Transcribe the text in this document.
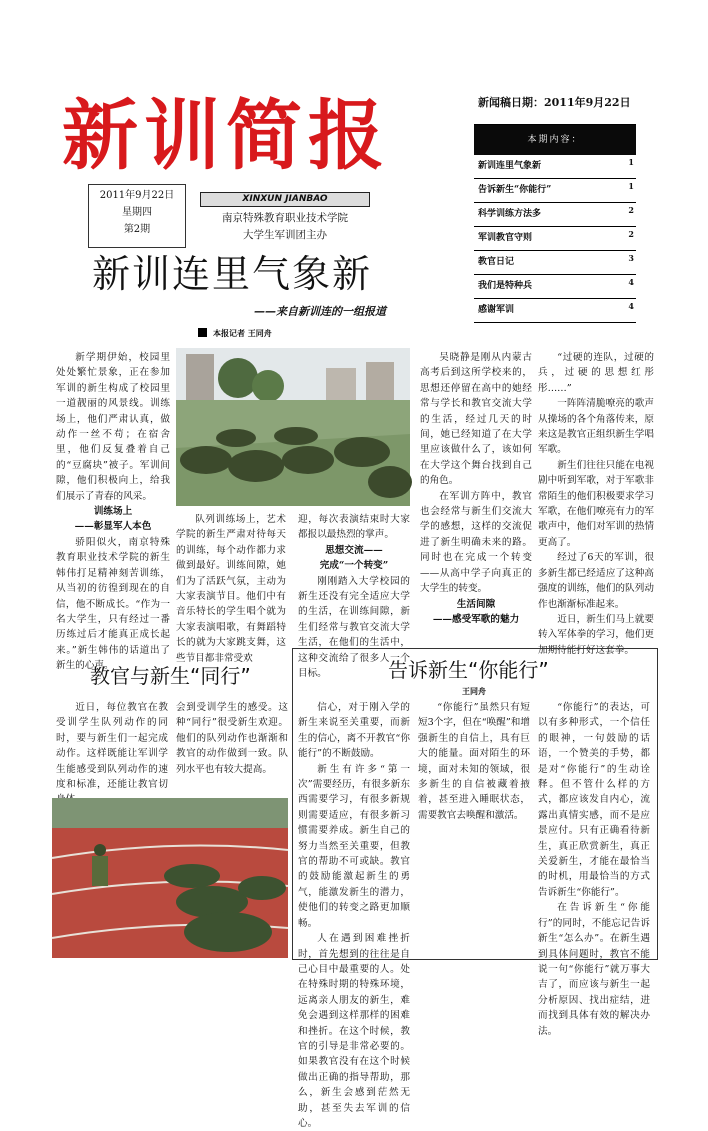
新训简报	新闻稿日期：2011年9月22日
本期内容：
新训连里气象新	1
告诉新生“你能行”	1
科学训练方法多	2
军训教官守则	2
教官日记	3
我们是特种兵	4
感谢军训	4
2011年9月22日
星期四
第2期
XINXUN JIANBAO
南京特殊教育职业技术学院
大学生军训团主办
新训连里气象新
——来自新训连的一组报道
本报记者 王同舟

新学期伊始，校园里处处繁忙景象，正在参加军训的新生构成了校园里一道靓丽的风景线。训练场上，他们严肃认真，做动作一丝不苟；在宿舍里，他们反复叠着自己的“豆腐块”被子。军训间隙，他们积极向上，给我们展示了青春的风采。

训练场上

——彰显军人本色

骄阳似火，南京特殊教育职业技术学院的新生韩伟打足精神刻苦训练，从当初的彷徨到现在的自信，他不断成长。“作为一名大学生，只有经过一番历练过后才能真正成长起来。”新生韩伟的话道出了新生的心声。

队列训练场上，艺术学院的新生严肃对待每天的训练，每个动作都力求做到最好。训练间隙，她们为了活跃气氛，主动为大家表演节目。他们中有音乐特长的学生唱个就为大家表演唱歌，有舞蹈特长的就为大家跳支舞，这些节目都非常受欢

迎，每次表演结束时大家都报以最热烈的掌声。

思想交流——

完成“一个转变”

刚刚踏入大学校园的新生还没有完全适应大学的生活，在训练间隙，新生们经常与教官交流大学生活，在他们的生活中，这种交流给了很多人一个目标。

吴晓静是刚从内蒙古高考后到这所学校来的，思想还停留在高中的她经常与学长和教官交流大学的生活，经过几天的时间，她已经知道了在大学里应该做什么了，该如何在大学这个舞台找到自己的角色。

在军训方阵中，教官也会经常与新生们交流大学的感想，这样的交流促进了新生明确未来的路。同时也在完成一个转变——从高中学子向真正的大学生的转变。

生活间隙

——感受军歌的魅力

“过硬的连队，过硬的兵，过硬的思想红彤彤……”

一阵阵清脆嘹亮的歌声从操场的各个角落传来，原来这是教官正组织新生学唱军歌。

新生们往往只能在电视剧中听到军歌，对于军歌非常陌生的他们积极要求学习军歌，在他们嘹亮有力的军歌声中，他们对军训的热情更高了。

经过了6天的军训，很多新生都已经适应了这种高强度的训练，他们的队列动作也渐渐标准起来。

近日，新生们马上就要转入军体拳的学习，他们更加期待能打好这套拳。

教官与新生“同行”

近日，每位教官在教受训学生队列动作的同时，要与新生们一起完成动作。这样既能让军训学生能感受到队列动作的速度和标准，还能让教官切

会到受训学生的感受。这种“同行”很受新生欢迎。他们的队列动作也渐渐和教官的动作做到一致。队列水平也有较大提高。

告诉新生“你能行”
王同舟

信心，对于刚入学的新生来说至关重要，而新生的信心，离不开教官“你能行”的不断鼓励。

新生有许多“第一次”需要经历，有很多新东西需要学习，有很多新规则需要适应，有很多新习惯需要养成。新生自己的努力当然至关重要，但教官的帮助不可或缺。教官的鼓励能激起新生的勇气，能激发新生的潜力，使他们的转变之路更加顺畅。

人在遇到困难挫折时，首先想到的往往是自己心目中最重要的人。处在特殊时期的特殊环境，远离亲人朋友的新生，难免会遇到这样那样的困难和挫折。在这个时候，教官的引导是非常必要的。如果教官没有在这个时候做出正确的指导帮助，那么，新生会感到茫然无助，甚至失去军训的信心。

“你能行”虽然只有短短3个字，但在“唤醒”和增强新生的自信上，具有巨大的能量。面对陌生的环境，面对未知的领域，很多新生的自信被藏着掖着，甚至进入睡眠状态，需要教官去唤醒和激活。

“你能行”的表达，可以有多种形式，一个信任的眼神，一句鼓励的话语，一个赞美的手势，都是对“你能行”的生动诠释。但不管什么样的方式，都应该发自内心，流露出真情实感，而不是应景应付。只有正确看待新生，真正欣赏新生，真正关爱新生，才能在最恰当的时机，用最恰当的方式告诉新生“你能行”。

在告诉新生“你能行”的同时，不能忘记告诉新生“怎么办”。在新生遇到具体问题时，教官不能说一句“你能行”就万事大吉了，而应该与新生一起分析原因、找出症结，进而找到具体有效的解决办法。
